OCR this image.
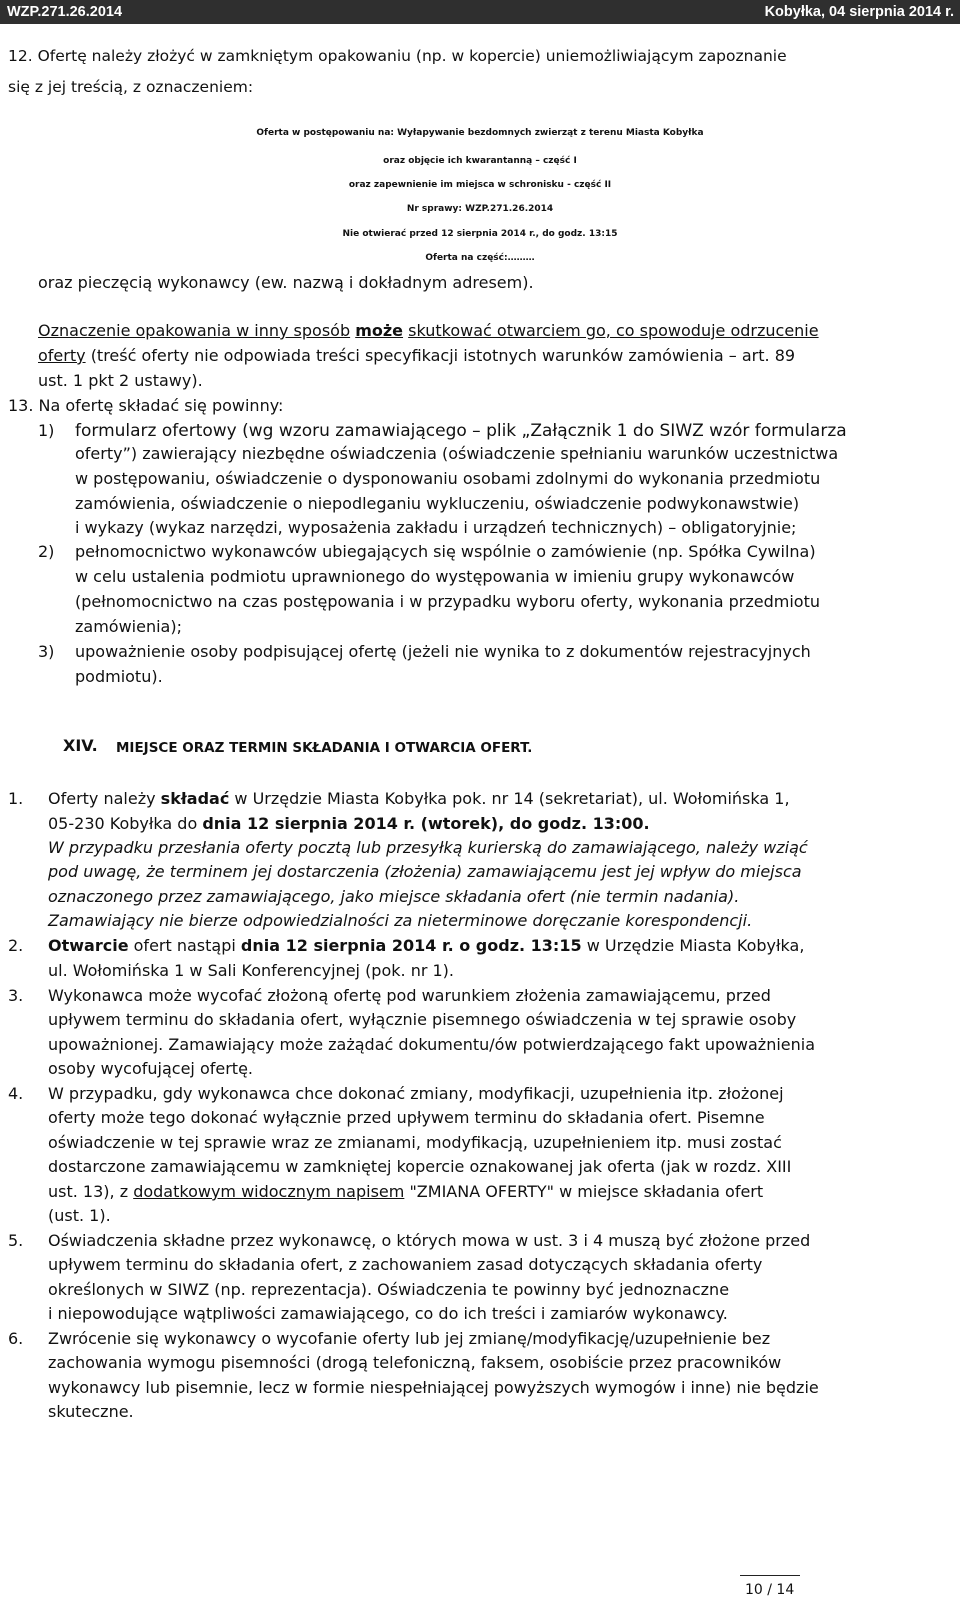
WZP.271.26.2014	Kobyłka, 04 sierpnia 2014 r.
12. Ofertę należy złożyć w zamkniętym opakowaniu (np. w kopercie) uniemożliwiającym zapoznanie
się z jej treścią, z oznaczeniem:
Oferta w postępowaniu na: Wyłapywanie bezdomnych zwierząt z terenu Miasta Kobyłka
oraz objęcie ich kwarantanną – część I
oraz zapewnienie im miejsca w schronisku - część II
Nr sprawy: WZP.271.26.2014
Nie otwierać przed 12 sierpnia 2014 r., do godz. 13:15
Oferta na część:………
oraz pieczęcią wykonawcy (ew. nazwą i dokładnym adresem).
Oznaczenie opakowania w inny sposób może skutkować otwarciem go, co spowoduje odrzucenie
oferty (treść oferty nie odpowiada treści specyfikacji istotnych warunków zamówienia – art. 89
ust. 1 pkt 2 ustawy).
13. Na ofertę składać się powinny:
1) formularz ofertowy (wg wzoru zamawiającego – plik „Załącznik 1 do SIWZ wzór formularza
oferty”) zawierający niezbędne oświadczenia (oświadczenie spełnianiu warunków uczestnictwa
w postępowaniu, oświadczenie o dysponowaniu osobami zdolnymi do wykonania przedmiotu
zamówienia, oświadczenie o niepodleganiu wykluczeniu, oświadczenie podwykonawstwie)
i wykazy (wykaz narzędzi, wyposażenia zakładu i urządzeń technicznych) – obligatoryjnie;
2) pełnomocnictwo wykonawców ubiegających się wspólnie o zamówienie (np. Spółka Cywilna)
w celu ustalenia podmiotu uprawnionego do występowania w imieniu grupy wykonawców
(pełnomocnictwo na czas postępowania i w przypadku wyboru oferty, wykonania przedmiotu
zamówienia);
3) upoważnienie osoby podpisującej ofertę (jeżeli nie wynika to z dokumentów rejestracyjnych
podmiotu).
XIV. MIEJSCE ORAZ TERMIN SKŁADANIA I OTWARCIA OFERT.
1. Oferty należy składać w Urzędzie Miasta Kobyłka pok. nr 14 (sekretariat), ul. Wołomińska 1,
05-230 Kobyłka do dnia 12 sierpnia 2014 r. (wtorek), do godz. 13:00.
W przypadku przesłania oferty pocztą lub przesyłką kurierską do zamawiającego, należy wziąć
pod uwagę, że terminem jej dostarczenia (złożenia) zamawiającemu jest jej wpływ do miejsca
oznaczonego przez zamawiającego, jako miejsce składania ofert (nie termin nadania).
Zamawiający nie bierze odpowiedzialności za nieterminowe doręczanie korespondencji.
2. Otwarcie ofert nastąpi dnia 12 sierpnia 2014 r. o godz. 13:15 w Urzędzie Miasta Kobyłka,
ul. Wołomińska 1 w Sali Konferencyjnej (pok. nr 1).
3. Wykonawca może wycofać złożoną ofertę pod warunkiem złożenia zamawiającemu, przed
upływem terminu do składania ofert, wyłącznie pisemnego oświadczenia w tej sprawie osoby
upoważnionej. Zamawiający może zażądać dokumentu/ów potwierdzającego fakt upoważnienia
osoby wycofującej ofertę.
4. W przypadku, gdy wykonawca chce dokonać zmiany, modyfikacji, uzupełnienia itp. złożonej
oferty może tego dokonać wyłącznie przed upływem terminu do składania ofert. Pisemne
oświadczenie w tej sprawie wraz ze zmianami, modyfikacją, uzupełnieniem itp. musi zostać
dostarczone zamawiającemu w zamkniętej kopercie oznakowanej jak oferta (jak w rozdz. XIII
ust. 13), z dodatkowym widocznym napisem "ZMIANA OFERTY" w miejsce składania ofert
(ust. 1).
5. Oświadczenia składne przez wykonawcę, o których mowa w ust. 3 i 4 muszą być złożone przed
upływem terminu do składania ofert, z zachowaniem zasad dotyczących składania oferty
określonych w SIWZ (np. reprezentacja). Oświadczenia te powinny być jednoznaczne
i niepowodujące wątpliwości zamawiającego, co do ich treści i zamiarów wykonawcy.
6. Zwrócenie się wykonawcy o wycofanie oferty lub jej zmianę/modyfikację/uzupełnienie bez
zachowania wymogu pisemności (drogą telefoniczną, faksem, osobiście przez pracowników
wykonawcy lub pisemnie, lecz w formie niespełniającej powyższych wymogów i inne) nie będzie
skuteczne.
10 / 14
